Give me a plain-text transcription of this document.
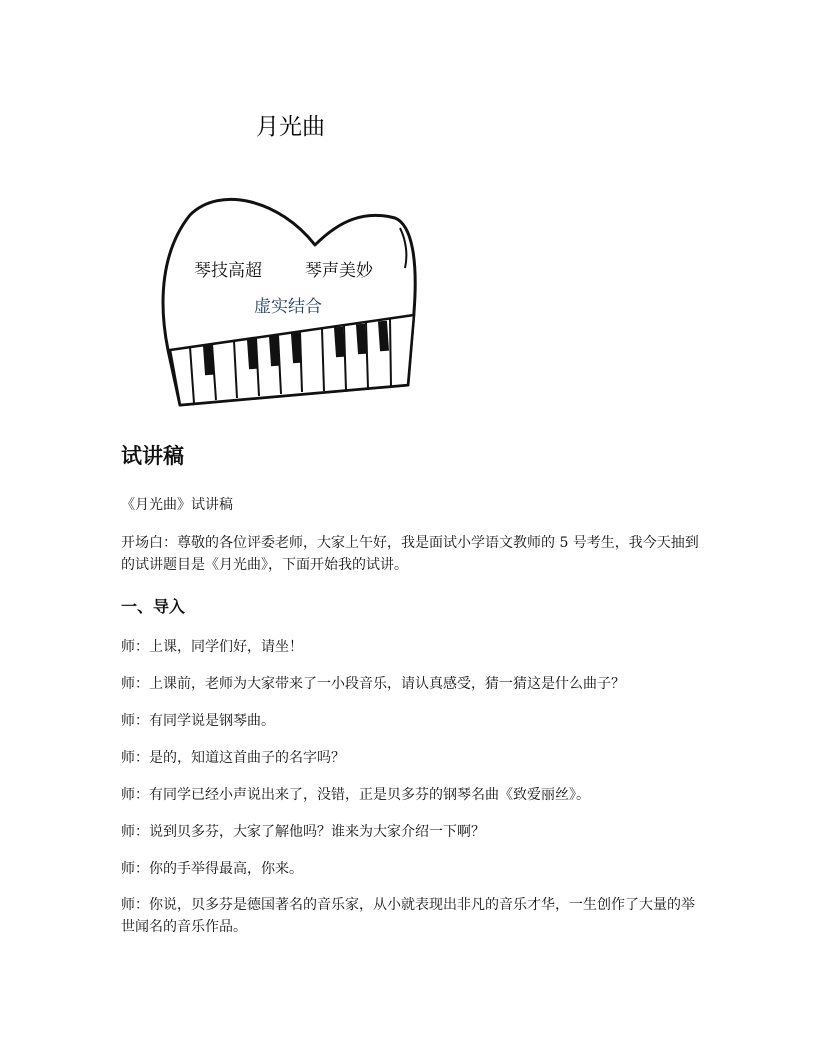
月光曲
琴技高超	琴声美妙
虚实结合
试讲稿

《月光曲》试讲稿

开场白：尊敬的各位评委老师，大家上午好，我是面试小学语文教师的 5 号考生，我今天抽到的试讲题目是《月光曲》，下面开始我的试讲。

一、导入

师：上课，同学们好，请坐！

师：上课前，老师为大家带来了一小段音乐，请认真感受，猜一猜这是什么曲子？

师：有同学说是钢琴曲。

师：是的，知道这首曲子的名字吗？

师：有同学已经小声说出来了，没错，正是贝多芬的钢琴名曲《致爱丽丝》。

师：说到贝多芬，大家了解他吗？谁来为大家介绍一下啊？

师：你的手举得最高，你来。

师：你说，贝多芬是德国著名的音乐家，从小就表现出非凡的音乐才华，一生创作了大量的举世闻名的音乐作品。
